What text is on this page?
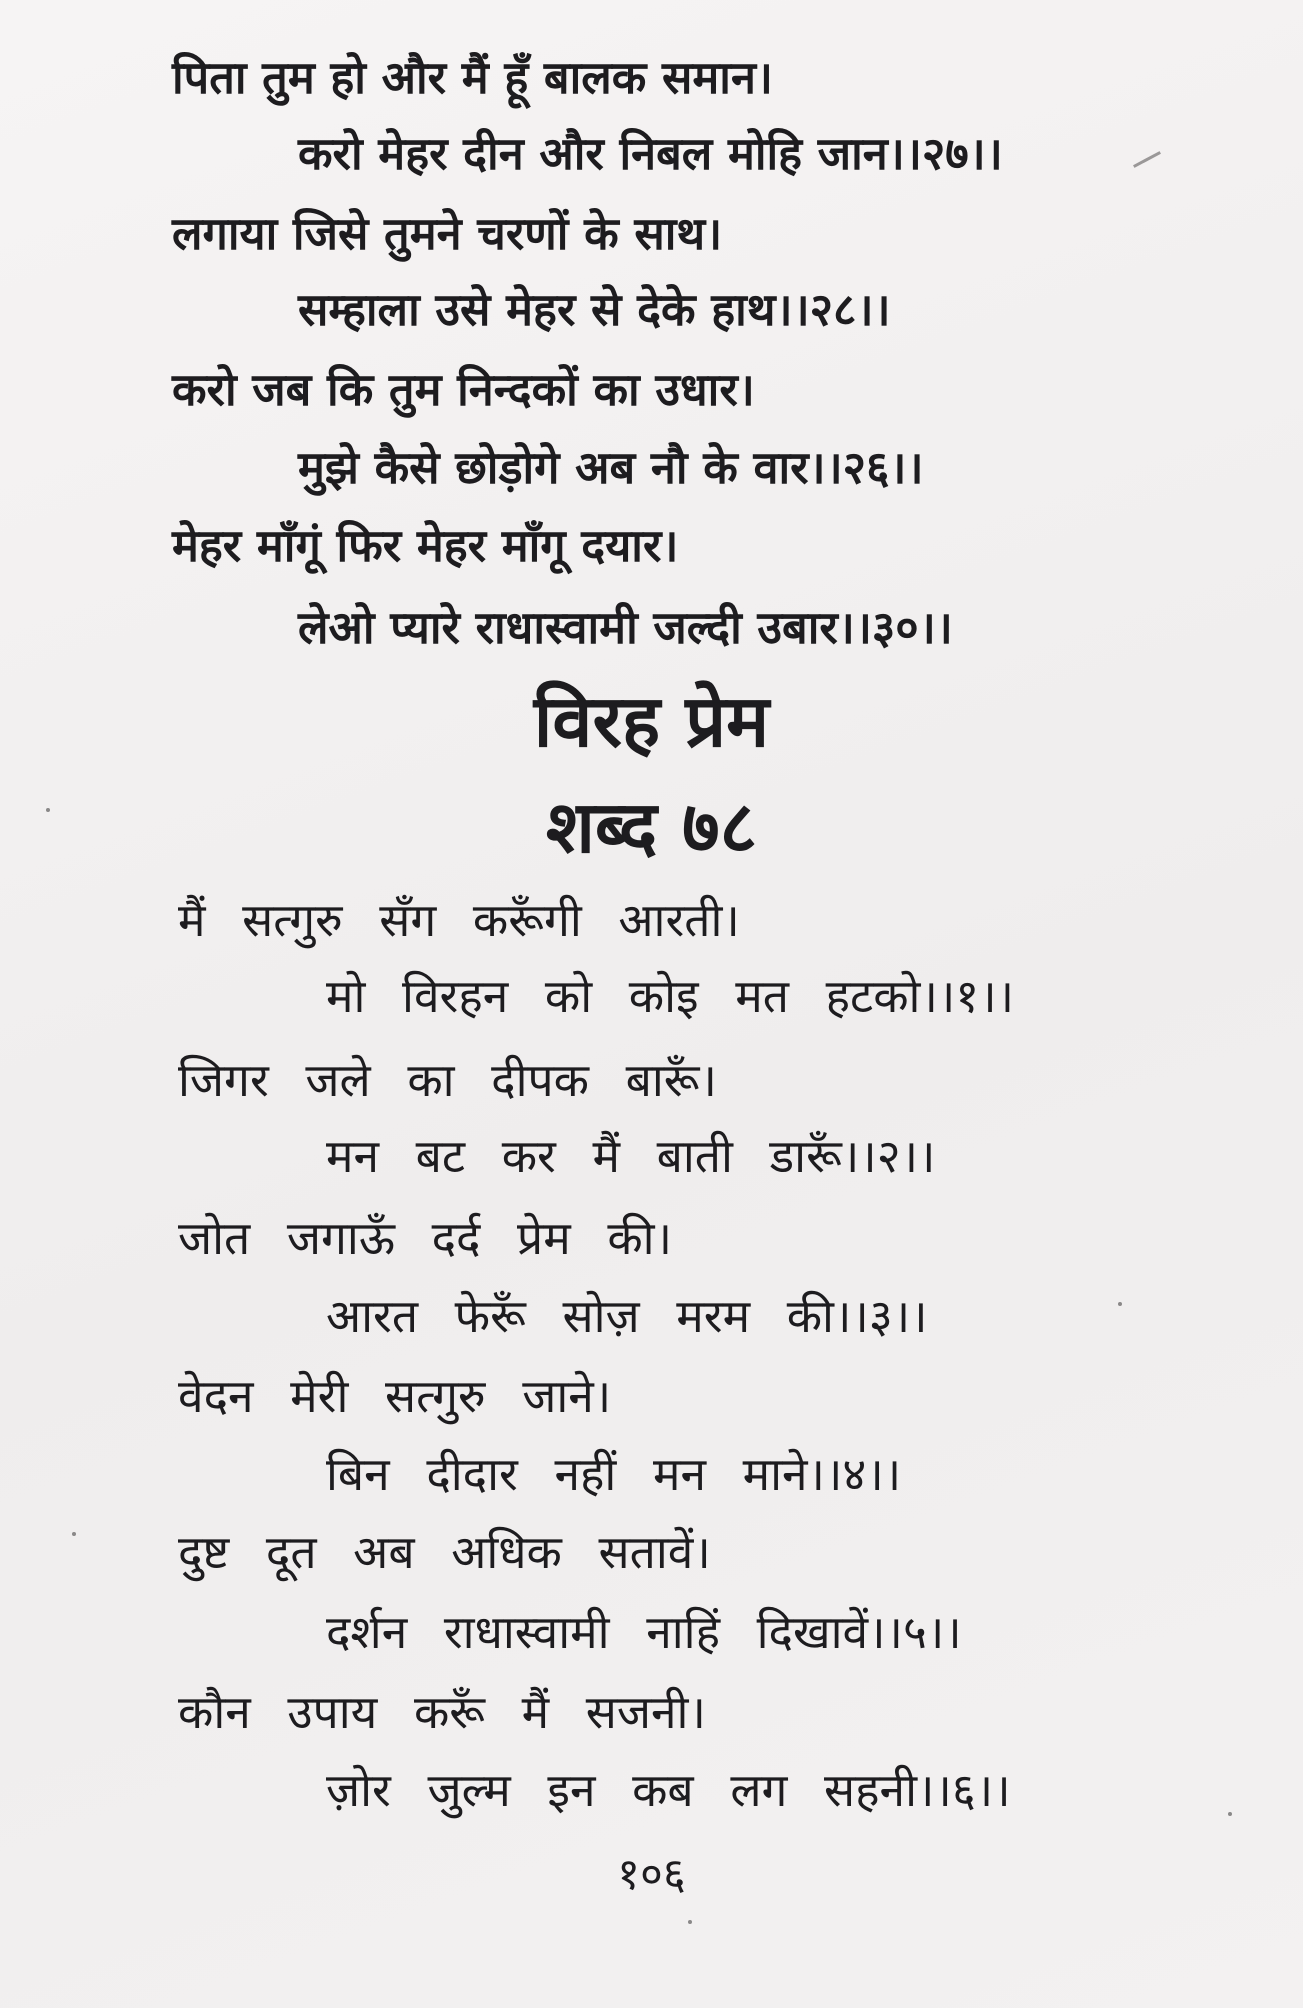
पिता तुम हो और मैं हूँ बालक समान।
करो मेहर दीन और निबल मोहि जान।।२७।।
लगाया जिसे तुमने चरणों के साथ।
सम्हाला उसे मेहर से देके हाथ।।२८।।
करो जब कि तुम निन्दकों का उधार।
मुझे कैसे छोड़ोगे अब नौ के वार।।२६।।
मेहर माँगूं फिर मेहर माँगू दयार।
लेओ प्यारे राधास्वामी जल्दी उबार।।३०।।
विरह प्रेम
शब्द ७८
मैं सत्गुरु सँग करूँगी आरती।
मो विरहन को कोइ मत हटको।।१।।
जिगर जले का दीपक बारूँ।
मन बट कर मैं बाती डारूँ।।२।।
जोत जगाऊँ दर्द प्रेम की।
आरत फेरूँ सोज़ मरम की।।३।।
वेदन मेरी सत्गुरु जाने।
बिन दीदार नहीं मन माने।।४।।
दुष्ट दूत अब अधिक सतावें।
दर्शन राधास्वामी नाहिं दिखावें।।५।।
कौन उपाय करूँ मैं सजनी।
ज़ोर जुल्म इन कब लग सहनी।।६।।
१०६
